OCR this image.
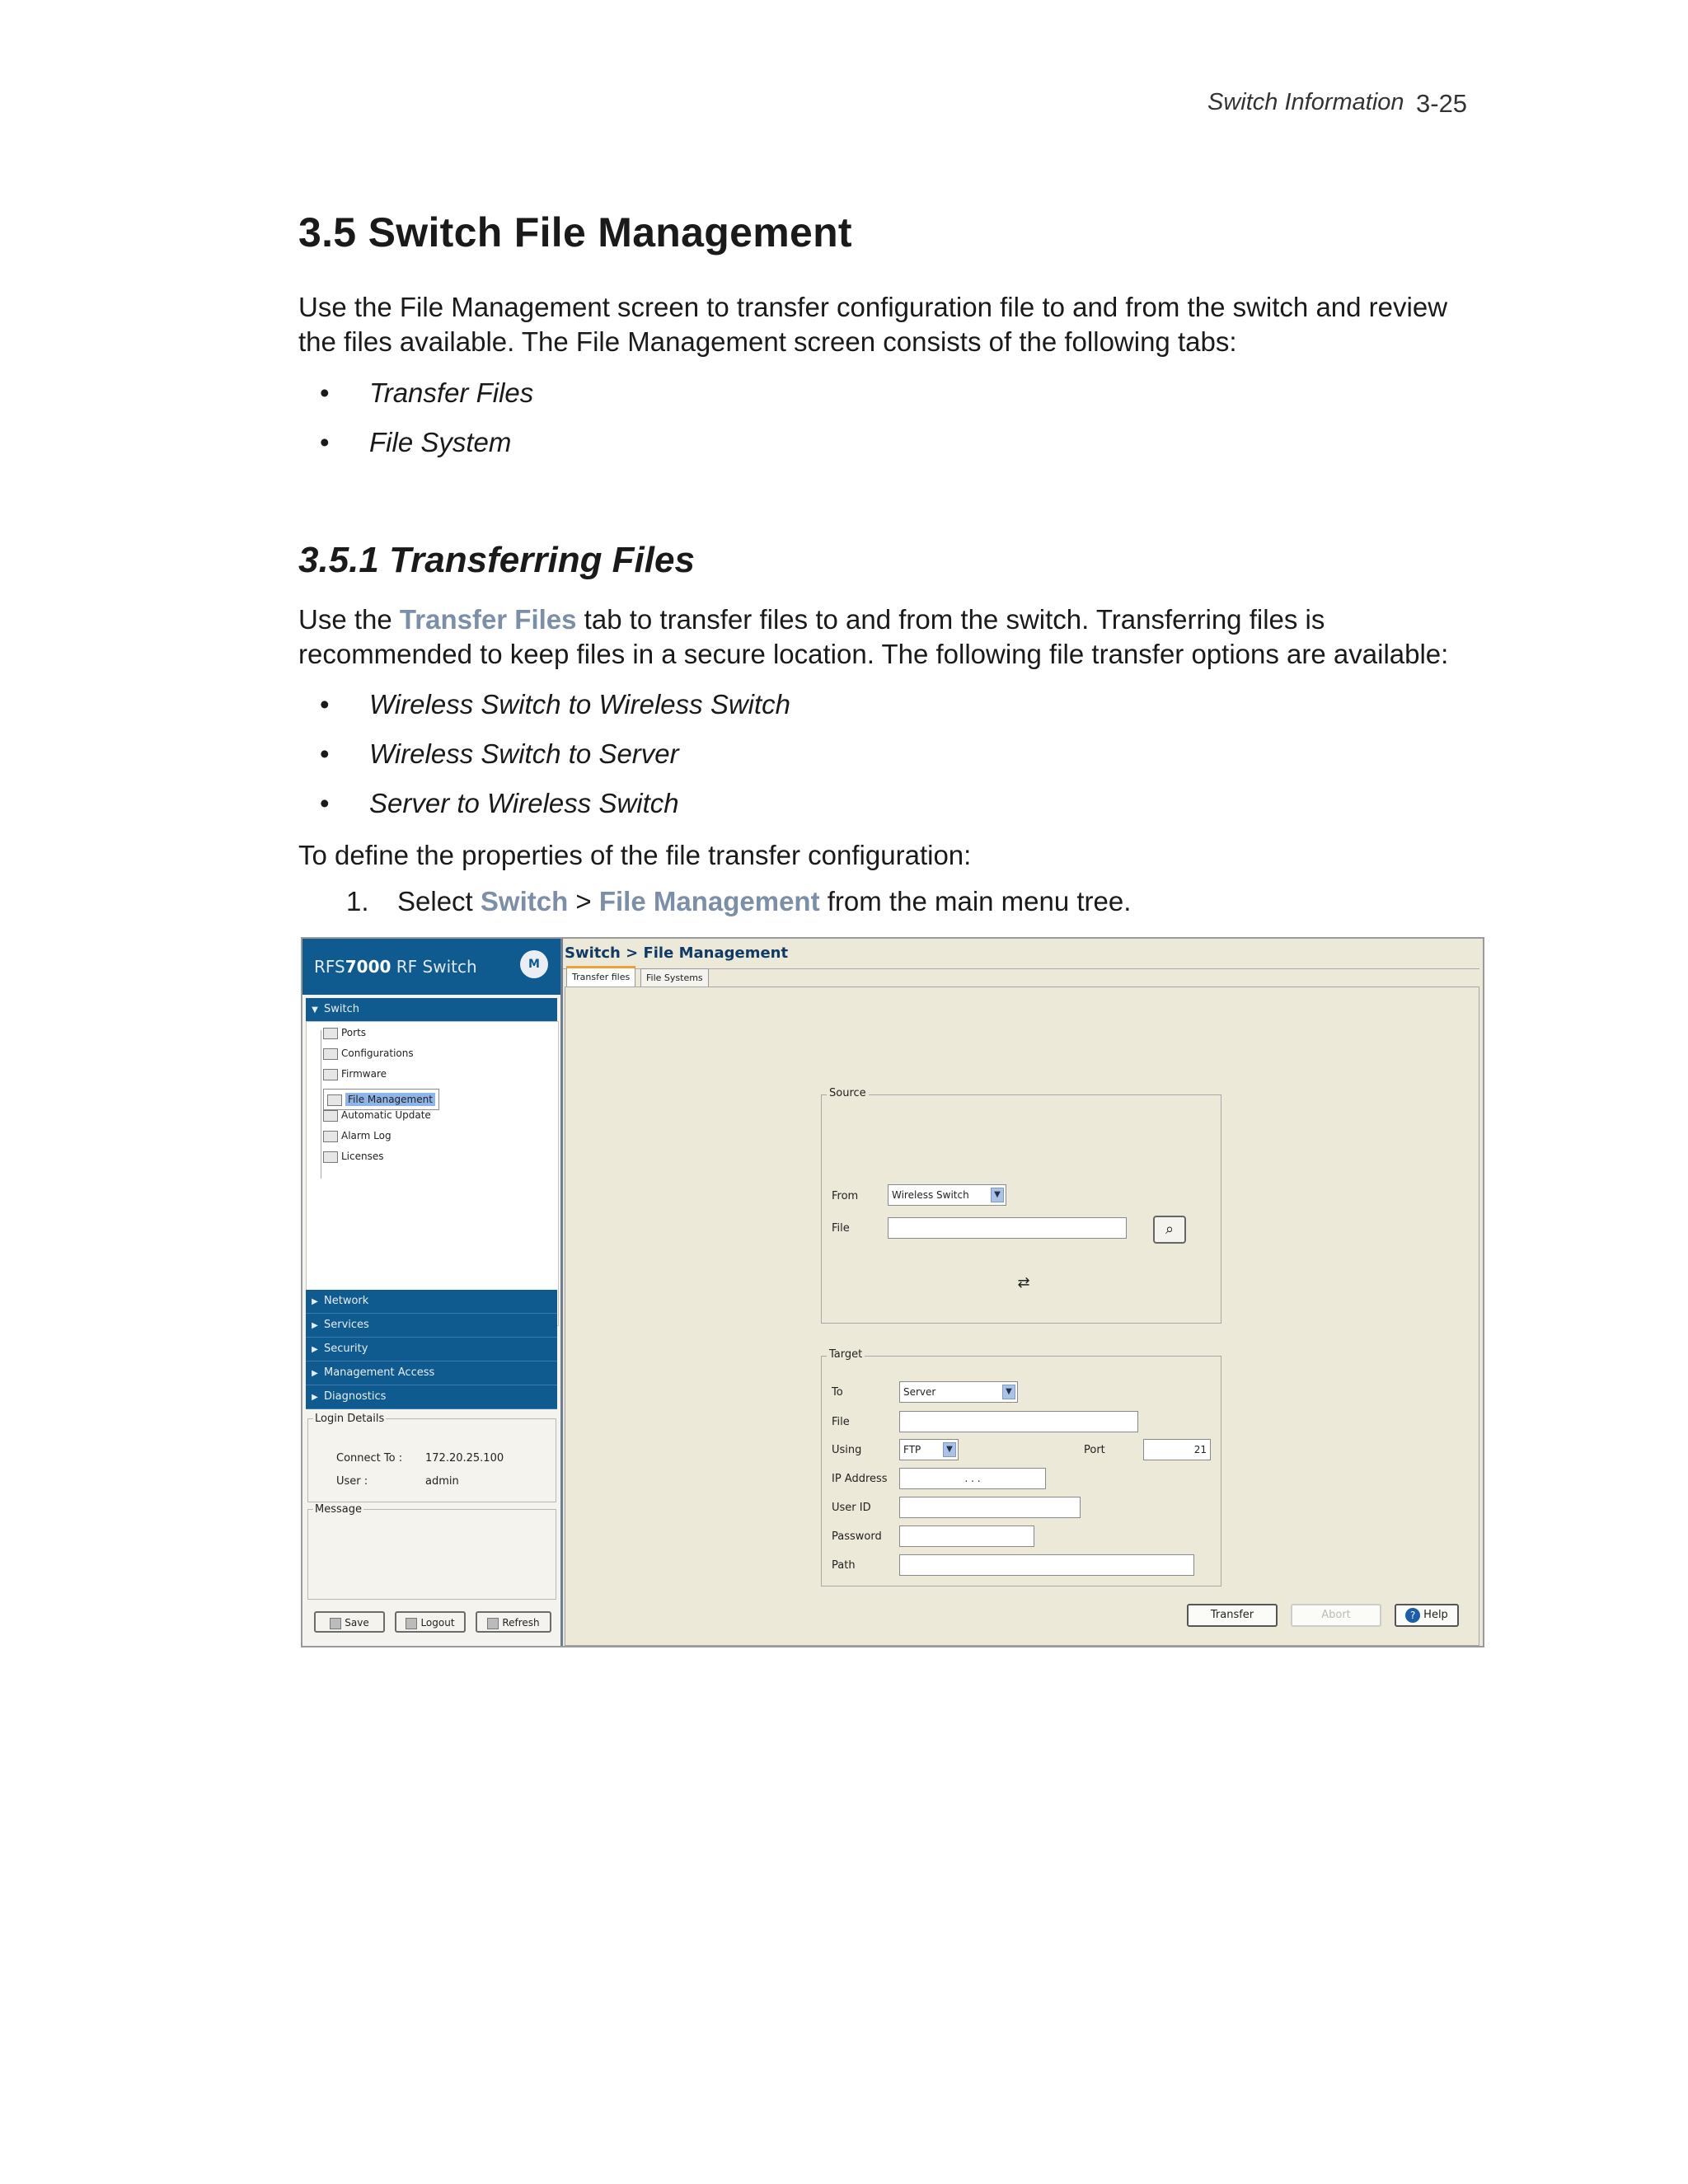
Switch Information 3-25
3.5 Switch File Management

Use the File Management screen to transfer configuration file to and from the switch and review the files available. The File Management screen consists of the following tabs:

• Transfer Files
• File System
3.5.1 Transferring Files

Use the Transfer Files tab to transfer files to and from the switch. Transferring files is recommended to keep files in a secure location. The following file transfer options are available:

• Wireless Switch to Wireless Switch
• Wireless Switch to Server
• Server to Wireless Switch

To define the properties of the file transfer configuration:

1. Select Switch > File Management from the main menu tree.
RFS7000 RF Switch	M
▼ Switch
Ports
Configurations
Firmware
File Management
Automatic Update
Alarm Log
Licenses
▶ Network
▶ Services
▶ Security
▶ Management Access
▶ Diagnostics
Login Details
Connect To : 172.20.25.100
User :	admin
Message
Save	Logout	Refresh
Switch > File Management
Transfer files	File Systems
Source
From	Wireless Switch	▼
File	⌕
⇄
Target
To	Server	▼
File
Using	FTP	▼	Port	21
IP Address	. . .
User ID
Password
Path
Transfer	Abort	? Help
